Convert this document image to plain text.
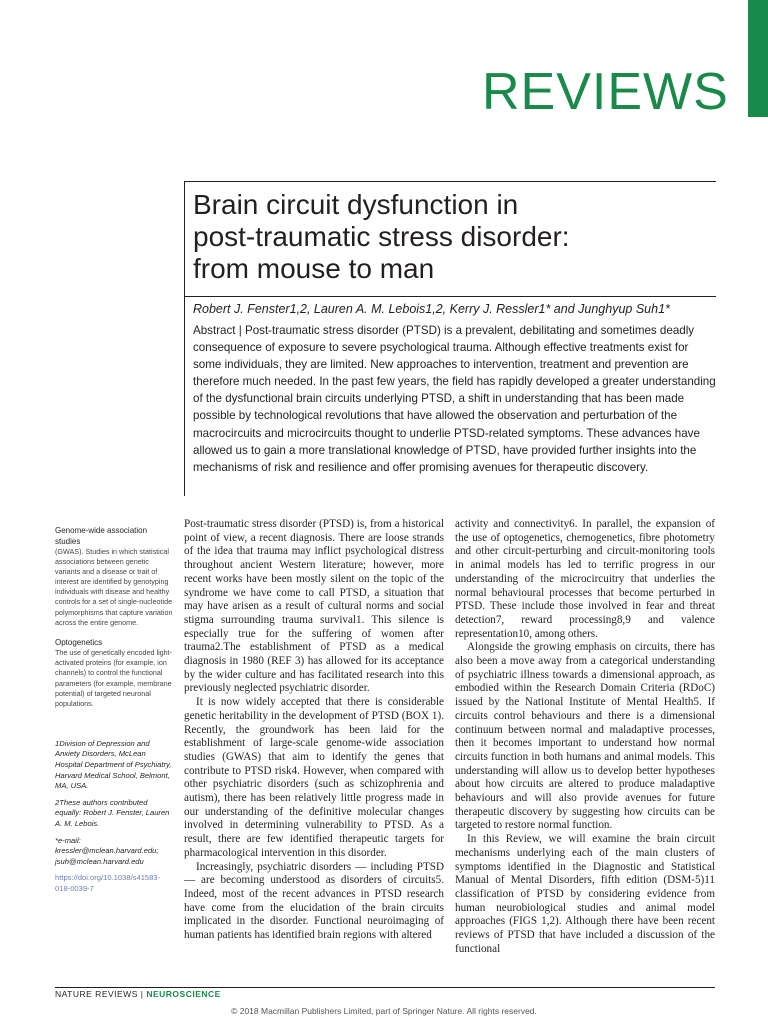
REVIEWS
Brain circuit dysfunction in
post-traumatic stress disorder:
from mouse to man
Robert J. Fenster1,2, Lauren A. M. Lebois1,2, Kerry J. Ressler1* and Junghyup Suh1*
Abstract | Post-traumatic stress disorder (PTSD) is a prevalent, debilitating and sometimes deadly consequence of exposure to severe psychological trauma. Although effective treatments exist for some individuals, they are limited. New approaches to intervention, treatment and prevention are therefore much needed. In the past few years, the field has rapidly developed a greater understanding of the dysfunctional brain circuits underlying PTSD, a shift in understanding that has been made possible by technological revolutions that have allowed the observation and perturbation of the macrocircuits and microcircuits thought to underlie PTSD-related symptoms. These advances have allowed us to gain a more translational knowledge of PTSD, have provided further insights into the mechanisms of risk and resilience and offer promising avenues for therapeutic discovery.
Genome-wide association studies
(GWAS). Studies in which statistical associations between genetic variants and a disease or trait of interest are identified by genotyping individuals with disease and healthy controls for a set of single-nucleotide polymorphisms that capture variation across the entire genome.
Optogenetics
The use of genetically encoded light-activated proteins (for example, ion channels) to control the functional parameters (for example, membrane potential) of targeted neuronal populations.

1Division of Depression and Anxiety Disorders, McLean Hospital Department of Psychiatry, Harvard Medical School, Belmont, MA, USA.

2These authors contributed equally: Robert J. Fenster, Lauren A. M. Lebois.

*e-mail: kressler@mclean.harvard.edu; jsuh@mclean.harvard.edu

https://doi.org/10.1038/s41583-018-0039-7

Post-traumatic stress disorder (PTSD) is, from a historical point of view, a recent diagnosis. There are loose strands of the idea that trauma may inflict psychological distress throughout ancient Western literature; however, more recent works have been mostly silent on the topic of the syndrome we have come to call PTSD, a situation that may have arisen as a result of cultural norms and social stigma surrounding trauma survival1. This silence is especially true for the suffering of women after trauma2.The establishment of PTSD as a medical diagnosis in 1980 (REF 3) has allowed for its acceptance by the wider culture and has facilitated research into this previously neglected psychiatric disorder.

It is now widely accepted that there is considerable genetic heritability in the development of PTSD (BOX 1). Recently, the groundwork has been laid for the establishment of large-scale genome-wide association studies (GWAS) that aim to identify the genes that contribute to PTSD risk4. However, when compared with other psychiatric disorders (such as schizophrenia and autism), there has been relatively little progress made in our understanding of the definitive molecular changes involved in determining vulnerability to PTSD. As a result, there are few identified therapeutic targets for pharmacological intervention in this disorder.

Increasingly, psychiatric disorders — including PTSD — are becoming understood as disorders of circuits5. Indeed, most of the recent advances in PTSD research have come from the elucidation of the brain circuits implicated in the disorder. Functional neuroimaging of human patients has identified brain regions with altered

activity and connectivity6. In parallel, the expansion of the use of optogenetics, chemogenetics, fibre photometry and other circuit-perturbing and circuit-monitoring tools in animal models has led to terrific progress in our understanding of the microcircuitry that underlies the normal behavioural processes that become perturbed in PTSD. These include those involved in fear and threat detection7, reward processing8,9 and valence representation10, among others.

Alongside the growing emphasis on circuits, there has also been a move away from a categorical understanding of psychiatric illness towards a dimensional approach, as embodied within the Research Domain Criteria (RDoC) issued by the National Institute of Mental Health5. If circuits control behaviours and there is a dimensional continuum between normal and maladaptive processes, then it becomes important to understand how normal circuits function in both humans and animal models. This understanding will allow us to develop better hypotheses about how circuits are altered to produce maladaptive behaviours and will also provide avenues for future therapeutic discovery by suggesting how circuits can be targeted to restore normal function.

In this Review, we will examine the brain circuit mechanisms underlying each of the main clusters of symptoms identified in the Diagnostic and Statistical Manual of Mental Disorders, fifth edition (DSM-5)11 classification of PTSD by considering evidence from human neurobiological studies and animal model approaches (FIGS 1,2). Although there have been recent reviews of PTSD that have included a discussion of the functional

NATURE REVIEWS | NEUROSCIENCE
© 2018 Macmillan Publishers Limited, part of Springer Nature. All rights reserved.
